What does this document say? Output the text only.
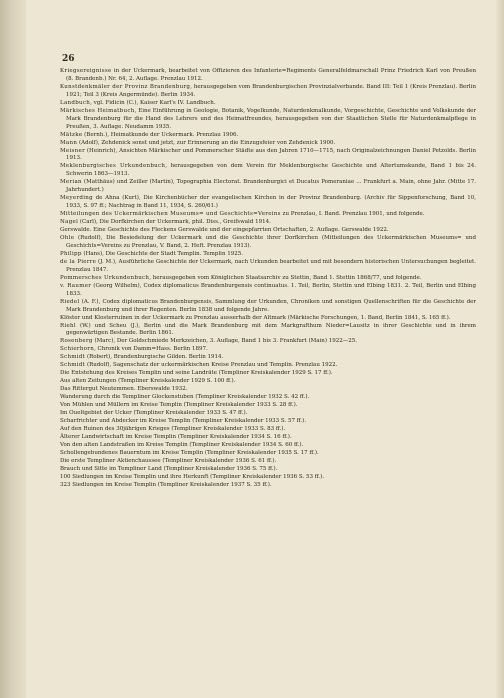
26

Kriegsereignisse in der Uckermark, bearbeitet von Offizieren des Infanterie=Regiments Generalfeldmarschall Prinz Friedrich Karl von Preußen (8. Brandenb.) Nr. 64, 2. Auflage. Prenzlau 1912.

Kunstdenkmäler der Provinz Brandenburg, herausgegeben vom Brandenburgischen Provinzialverbande. Band III: Teil 1 (Kreis Prenzlau). Berlin 1921; Teil 3 (Kreis Angermünde). Berlin 1934.

Landbuch, vgl. Fidicin (C.), Kaiser Karl's IV. Landbuch.

Märkisches Heimatbuch, Eine Einführung in Geologie, Botanik, Vogelkunde, Naturdenkmalkunde, Vorgeschichte, Geschichte und Volkskunde der Mark Brandenburg für die Hand des Lehrers und des Heimatfreundes, herausgegeben von der Staatlichen Stelle für Naturdenkmalpflege in Preußen, 3. Auflage. Neudamm 1935.

Mätzke (Bernh.), Heimatkunde der Uckermark. Prenzlau 1906.

Mann (Adolf), Zehdenick sonst und jetzt, zur Erinnerung an die Einzugsfeier von Zehdenick 1900.

Meisner (Heinrich), Ansichten Märkischer und Pommerscher Städte aus den Jahren 1710—1715, nach Originalzeichnungen Daniel Petzolds. Berlin 1913.

Meklenburgisches Urkundenbuch, herausgegeben von dem Verein für Meklenburgische Geschichte und Altertumskunde, Band 1 bis 24. Schwerin 1863—1913.

Merian (Matthäus) und Zeiller (Martin), Topographia Electorat. Brandenburgici et Ducatus Pomeraniae ... Frankfurt a. Main, ohne Jahr. (Mitte 17. Jahrhundert.)

Meyerding de Ahna (Kurt), Die Kirchenbücher der evangelischen Kirchen in der Provinz Brandenburg. (Archiv für Sippenforschung, Band 10, 1933, S. 97 ff.; Nachtrag in Band 11, 1934, S. 260/61.)

Mitteilungen des Uckermärkischen Museums= und Geschichts=Vereins zu Prenzlau, I. Band. Prenzlau 1901, und folgende.

Nagel (Carl), Die Dorfkirchen der Uckermark, phil. Diss., Greifswald 1914.

Gerswalde. Eine Geschichte des Fleckens Gerswalde und der eingepfarrten Ortschaften, 2. Auflage. Gerswalde 1922.

Ohle (Rudolf), Die Besiedelung der Uckermark und die Geschichte ihrer Dorfkirchen (Mitteilungen des Uckermärkischen Museums= und Geschichts=Vereins zu Prenzlau, V. Band, 2. Heft. Prenzlau 1913).

Philipp (Hans), Die Geschichte der Stadt Templin. Templin 1925.

de la Pierre (J. M.), Ausführliche Geschichte der Uckermark, nach Urkunden bearbeitet und mit besondern historischen Untersuchungen begleitet. Prenzlau 1847.

Pommersches Urkundenbuch, herausgegeben vom Königlichen Staatsarchiv zu Stettin, Band 1. Stettin 1868/77, und folgende.

v. Raumer (Georg Wilhelm), Codex diplomaticus Brandenburgensis continuatus. 1. Teil, Berlin, Stettin und Elbing 1831. 2. Teil, Berlin und Elbing 1833.

Riedel (A. F.), Codex diplomaticus Brandenburgensis, Sammlung der Urkunden, Chroniken und sonstigen Quellenschriften für die Geschichte der Mark Brandenburg und ihrer Regenten. Berlin 1838 und folgende Jahre.

Klöster und Klosterruinen in der Uckermark zu Prenzlau ausserhalb der Altmark (Märkische Forschungen, 1. Band, Berlin 1841, S. 165 ff.).

Riehl (W.) und Scheu (J.), Berlin und die Mark Brandenburg mit dem Markgrafthum Nieder=Lausitz in ihrer Geschichte und in ihrem gegenwärtigen Bestande. Berlin 1861.

Rosenberg (Marc), Der Goldschmiede Merkzeichen, 3. Auflage, Band 1 bis 3. Frankfurt (Main) 1922—25.

Schierhorn, Chronik von Damm=Hass. Berlin 1897.

Schmidt (Robert), Brandenburgische Gilden. Berlin 1914.

Schmidt (Rudolf), Sagenschatz der uckermärkischen Kreise Prenzlau und Templin. Prenzlau 1922.

Die Entstehung des Kreises Templin und seine Landräte (Templiner Kreiskalender 1929 S. 17 ff.).

Aus alten Zeitungen (Templiner Kreiskalender 1929 S. 100 ff.).

Das Rittergut Neutemmen. Eberswalde 1932.

Wanderung durch die Templiner Glockenstuben (Templiner Kreiskalender 1932 S. 42 ff.).

Von Mühlen und Müllern im Kreise Templin (Templiner Kreiskalender 1933 S. 28 ff.).

Im Oueltgebiet der Ucker (Templiner Kreiskalender 1933 S. 47 ff.).

Scharfrichter und Abdecker im Kreise Templin (Templiner Kreiskalender 1933 S. 57 ff.).

Auf den Ruinen des 30jährigen Krieges (Templiner Kreiskalender 1933 S. 83 ff.).

Älterer Landwirtschaft im Kreise Templin (Templiner Kreiskalender 1934 S. 16 ff.).

Von den alten Landstraßen im Kreise Templin (Templiner Kreiskalender 1934 S. 60 ff.).

Schollengebundenes Bauerntum im Kreise Templin (Templiner Kreiskalender 1935 S. 17 ff.).

Die erste Templiner Aktienchaussee (Templiner Kreiskalender 1936 S. 61 ff.).

Brauch und Sitte im Templiner Land (Templiner Kreiskalender 1936 S. 75 ff.).

100 Siedlungen im Kreise Templin und ihre Herkunft (Templiner Kreiskalender 1936 S. 53 ff.).

323 Siedlungen im Kreise Templin (Templiner Kreiskalender 1937 S. 35 ff.).
